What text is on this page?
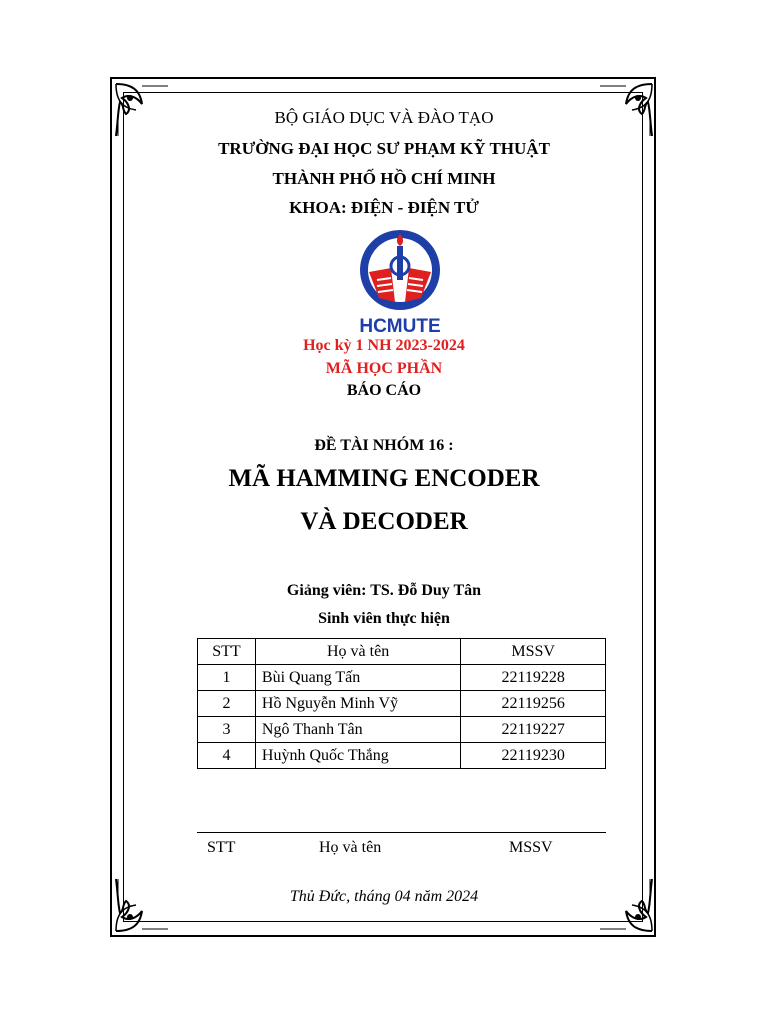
BỘ GIÁO DỤC VÀ ĐÀO TẠO
TRƯỜNG ĐẠI HỌC SƯ PHẠM KỸ THUẬT
THÀNH PHỐ HỒ CHÍ MINH
KHOA: ĐIỆN - ĐIỆN TỬ
HCMUTE
Học kỳ 1 NH 2023-2024
MÃ HỌC PHẦN
BÁO CÁO
ĐỀ TÀI NHÓM 16 :
MÃ HAMMING ENCODER
VÀ DECODER
Giảng viên: TS. Đỗ Duy Tân
Sinh viên thực hiện
STT	Họ và tên	MSSV
1	Bùi Quang Tấn	22119228
2	Hồ Nguyễn Minh Vỹ	22119256
3	Ngô Thanh Tân	22119227
4	Huỳnh Quốc Thắng	22119230
STT	Họ và tên	MSSV
Thủ Đức, tháng 04 năm 2024
